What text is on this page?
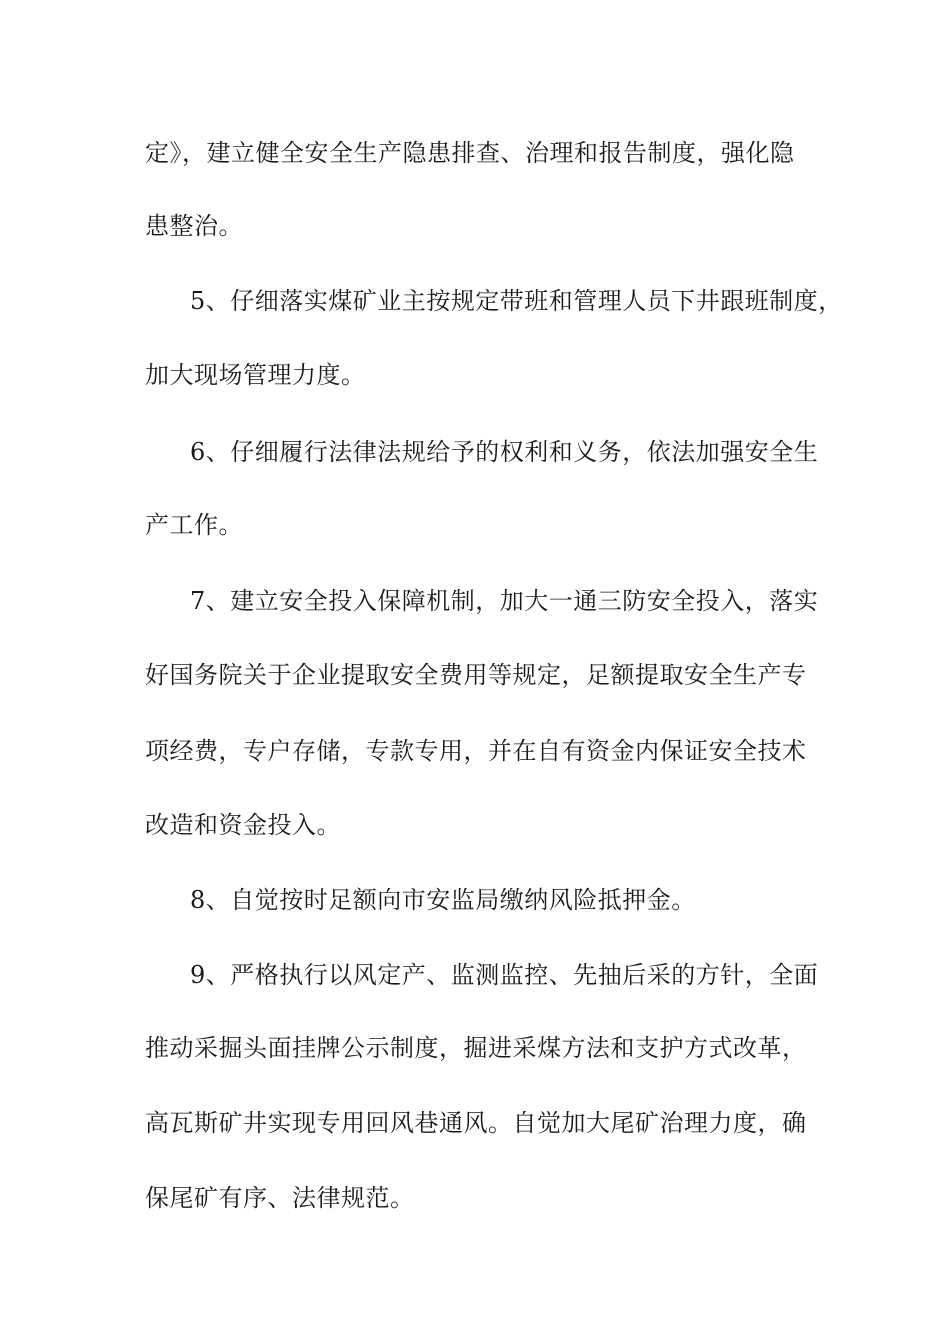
定》，建立健全安全生产隐患排查、治理和报告制度，强化隐
患整治。
5、仔细落实煤矿业主按规定带班和管理人员下井跟班制度，
加大现场管理力度。
6、仔细履行法律法规给予的权利和义务，依法加强安全生
产工作。
7、建立安全投入保障机制，加大一通三防安全投入，落实
好国务院关于企业提取安全费用等规定，足额提取安全生产专
项经费，专户存储，专款专用，并在自有资金内保证安全技术
改造和资金投入。
8、自觉按时足额向市安监局缴纳风险抵押金。
9、严格执行以风定产、监测监控、先抽后采的方针，全面
推动采掘头面挂牌公示制度，掘进采煤方法和支护方式改革，
高瓦斯矿井实现专用回风巷通风。自觉加大尾矿治理力度，确
保尾矿有序、法律规范。
